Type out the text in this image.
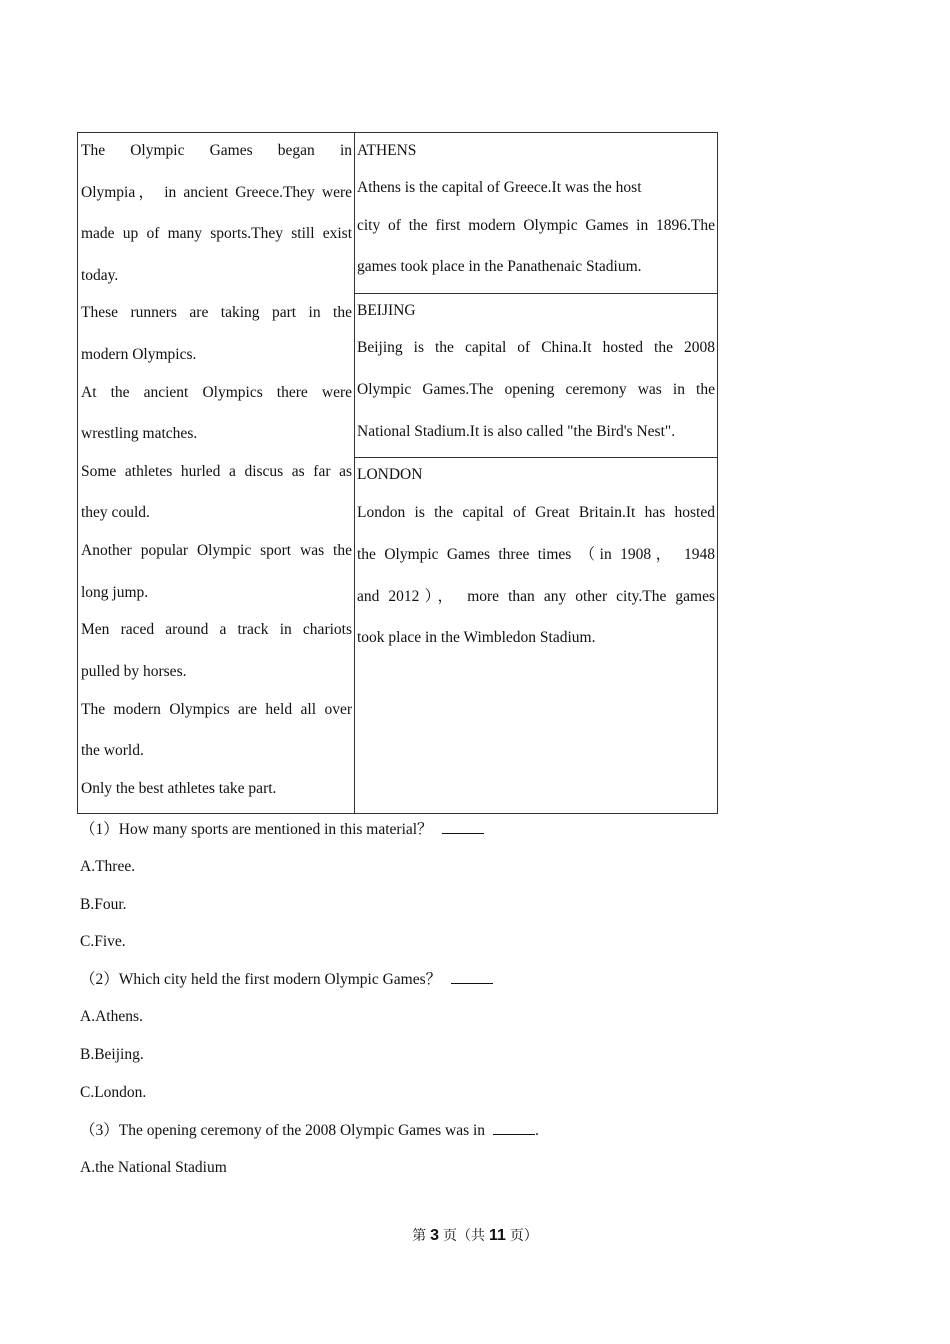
The Olympic Games began in
Olympia， in ancient Greece.They were
made up of many sports.They still exist
today.
These runners are taking part in the
modern Olympics.
At the ancient Olympics there were
wrestling matches.
Some athletes hurled a discus as far as
they could.
Another popular Olympic sport was the
long jump.
Men raced around a track in chariots
pulled by horses.
The modern Olympics are held all over
the world.
Only the best athletes take part.
ATHENS
Athens is the capital of Greece.It was the host
city of the first modern Olympic Games in 1896.The
games took place in the Panathenaic Stadium.
BEIJING
Beijing is the capital of China.It hosted the 2008
Olympic Games.The opening ceremony was in the
National Stadium.It is also called "the Bird's Nest".
LONDON
London is the capital of Great Britain.It has hosted
the Olympic Games three times （in 1908， 1948
and 2012）， more than any other city.The games
took place in the Wimbledon Stadium.
（1）How many sports are mentioned in this material？
A.Three.
B.Four.
C.Five.
（2）Which city held the first modern Olympic Games？
A.Athens.
B.Beijing.
C.London.
（3）The opening ceremony of the 2008 Olympic Games was in	.
A.the National Stadium
第 3 页（共 11 页）
